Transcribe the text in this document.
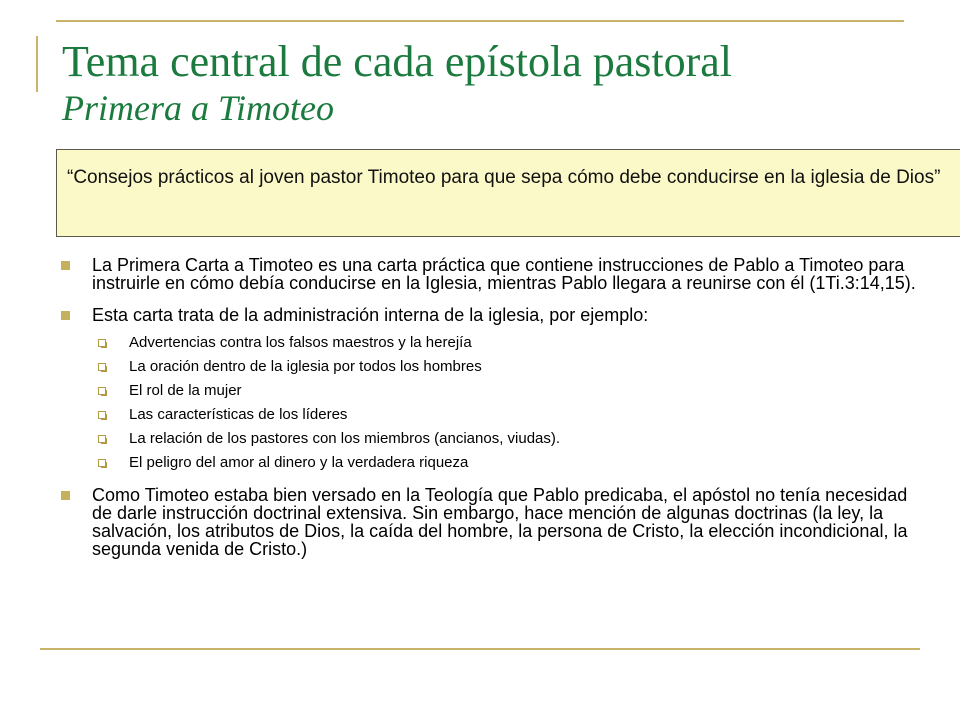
Tema central de cada epístola pastoral
Primera a Timoteo
“Consejos prácticos al joven pastor Timoteo para que sepa cómo debe conducirse en la iglesia de Dios”
La Primera Carta a Timoteo es una carta práctica que contiene instrucciones de Pablo a Timoteo para instruirle en cómo debía conducirse en la Iglesia, mientras Pablo llegara a reunirse con él (1Ti.3:14,15).
Esta carta trata de la administración interna de la iglesia, por ejemplo:
Advertencias contra los falsos maestros y la herejía
La oración dentro de la iglesia por todos los hombres
El rol de la mujer
Las características de los líderes
La relación de los pastores con los miembros (ancianos, viudas).
El peligro del amor al dinero y la verdadera riqueza
Como Timoteo estaba bien versado en la Teología que Pablo predicaba, el apóstol no tenía necesidad de darle instrucción doctrinal extensiva. Sin embargo, hace mención de algunas doctrinas (la ley, la salvación, los atributos de Dios, la caída del hombre, la persona de Cristo, la elección incondicional, la segunda venida de Cristo.)
